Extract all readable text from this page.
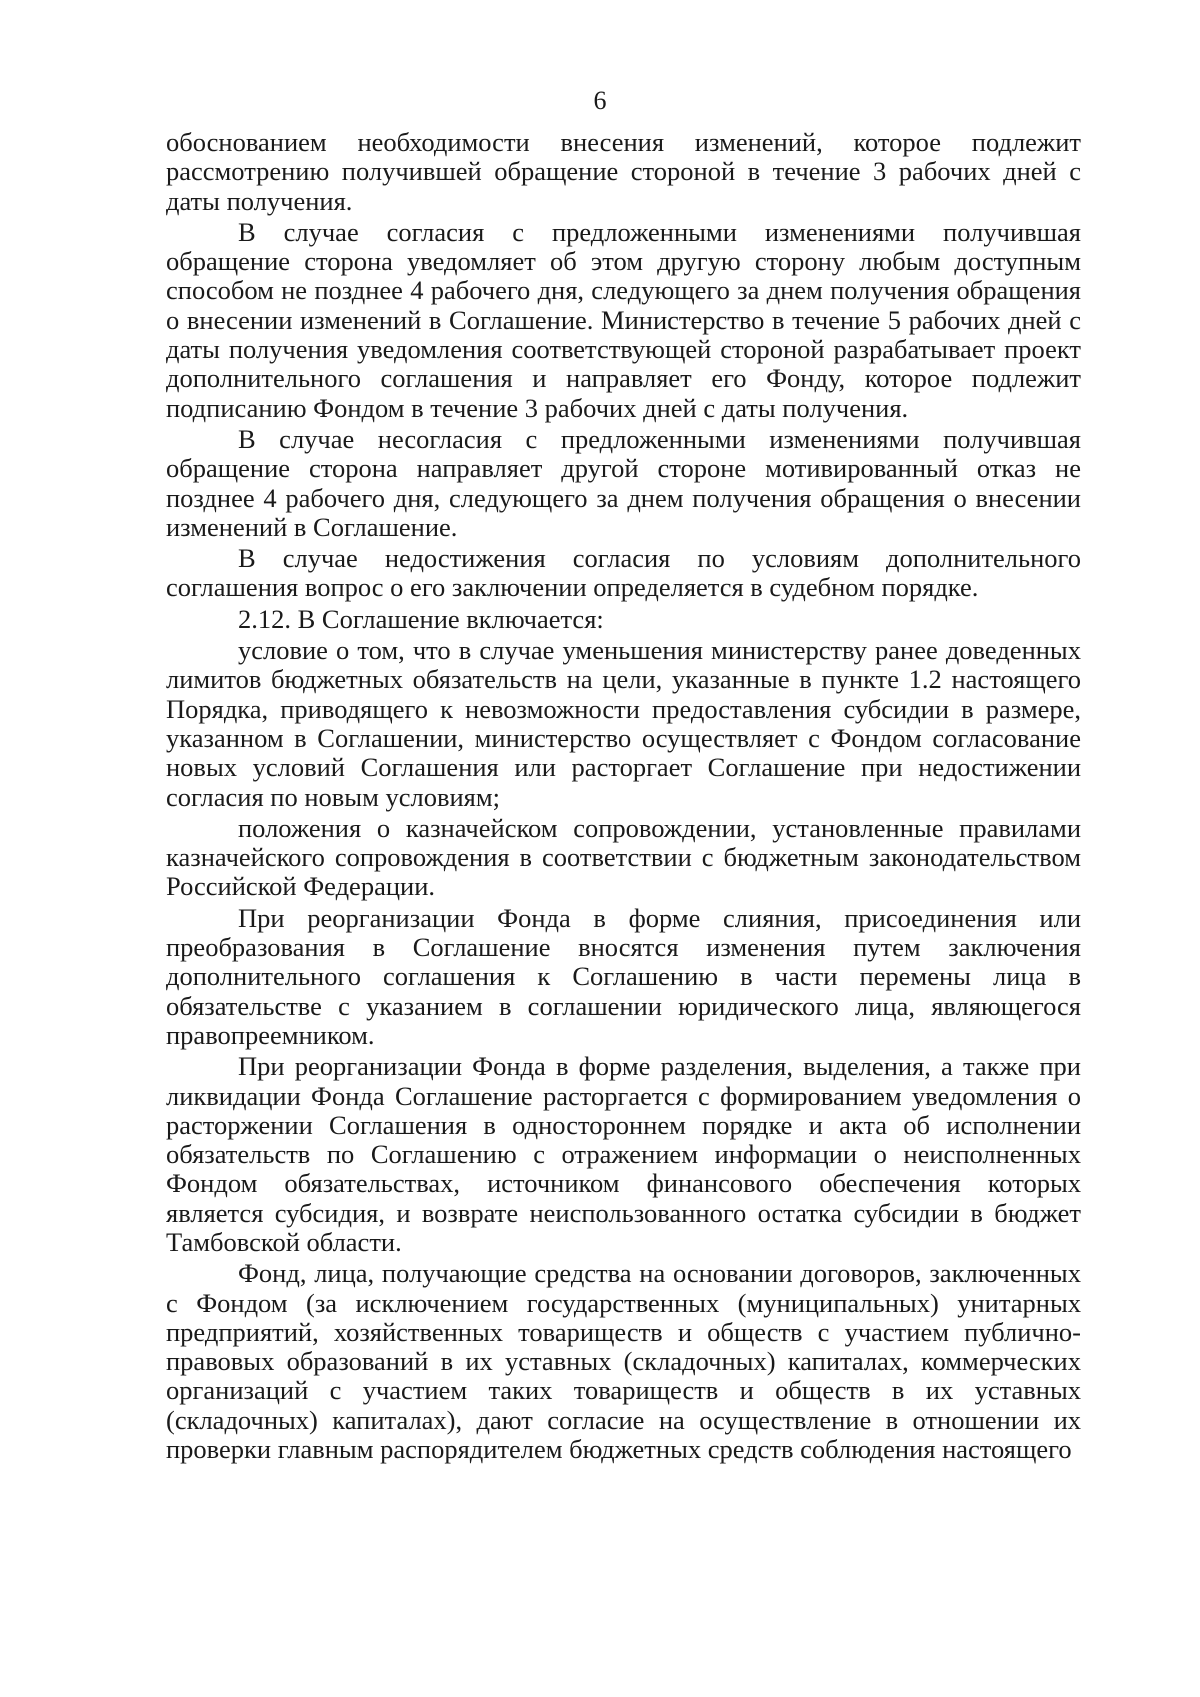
6
обоснованием необходимости внесения изменений, которое подлежит
рассмотрению получившей обращение стороной в течение 3 рабочих дней с
даты получения.
В случае согласия с предложенными изменениями получившая
обращение сторона уведомляет об этом другую сторону любым доступным
способом не позднее 4 рабочего дня, следующего за днем получения обращения
о внесении изменений в Соглашение. Министерство в течение 5 рабочих дней с
даты получения уведомления соответствующей стороной разрабатывает проект
дополнительного соглашения и направляет его Фонду, которое подлежит
подписанию Фондом в течение 3 рабочих дней с даты получения.
В случае несогласия с предложенными изменениями получившая
обращение сторона направляет другой стороне мотивированный отказ не
позднее 4 рабочего дня, следующего за днем получения обращения о внесении
изменений в Соглашение.
В случае недостижения согласия по условиям дополнительного
соглашения вопрос о его заключении определяется в судебном порядке.
2.12. В Соглашение включается:
условие о том, что в случае уменьшения министерству ранее доведенных
лимитов бюджетных обязательств на цели, указанные в пункте 1.2 настоящего
Порядка, приводящего к невозможности предоставления субсидии в размере,
указанном в Соглашении, министерство осуществляет с Фондом согласование
новых условий Соглашения или расторгает Соглашение при недостижении
согласия по новым условиям;
положения о казначейском сопровождении, установленные правилами
казначейского сопровождения в соответствии с бюджетным законодательством
Российской Федерации.
При реорганизации Фонда в форме слияния, присоединения или
преобразования в Соглашение вносятся изменения путем заключения
дополнительного соглашения к Соглашению в части перемены лица в
обязательстве с указанием в соглашении юридического лица, являющегося
правопреемником.
При реорганизации Фонда в форме разделения, выделения, а также при
ликвидации Фонда Соглашение расторгается с формированием уведомления о
расторжении Соглашения в одностороннем порядке и акта об исполнении
обязательств по Соглашению с отражением информации о неисполненных
Фондом обязательствах, источником финансового обеспечения которых
является субсидия, и возврате неиспользованного остатка субсидии в бюджет
Тамбовской области.
Фонд, лица, получающие средства на основании договоров, заключенных
с Фондом (за исключением государственных (муниципальных) унитарных
предприятий, хозяйственных товариществ и обществ с участием публично-
правовых образований в их уставных (складочных) капиталах, коммерческих
организаций с участием таких товариществ и обществ в их уставных
(складочных) капиталах), дают согласие на осуществление в отношении их
проверки главным распорядителем бюджетных средств соблюдения настоящего
